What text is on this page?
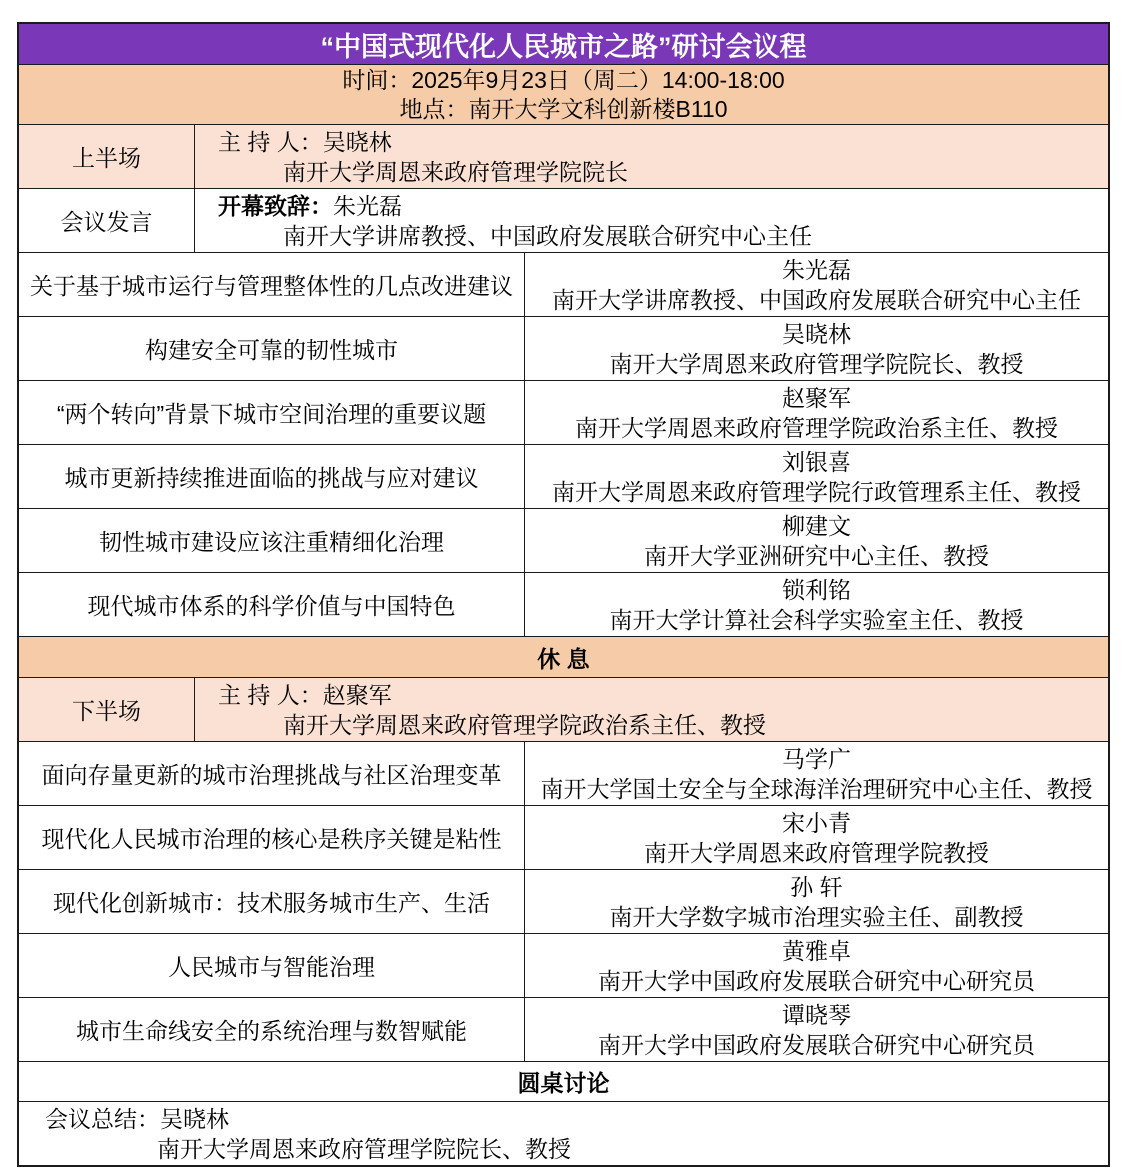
“中国式现代化人民城市之路”研讨会议程
时间：2025年9月23日（周二）14:00-18:00
地点：南开大学文科创新楼B110
上半场
主 持 人：吴晓林
南开大学周恩来政府管理学院院长
会议发言
开幕致辞：朱光磊
南开大学讲席教授、中国政府发展联合研究中心主任
关于基于城市运行与管理整体性的几点改进建议
朱光磊
南开大学讲席教授、中国政府发展联合研究中心主任
构建安全可靠的韧性城市
吴晓林
南开大学周恩来政府管理学院院长、教授
“两个转向”背景下城市空间治理的重要议题
赵聚军
南开大学周恩来政府管理学院政治系主任、教授
城市更新持续推进面临的挑战与应对建议
刘银喜
南开大学周恩来政府管理学院行政管理系主任、教授
韧性城市建设应该注重精细化治理
柳建文
南开大学亚洲研究中心主任、教授
现代城市体系的科学价值与中国特色
锁利铭
南开大学计算社会科学实验室主任、教授
休 息
下半场
主 持 人：赵聚军
南开大学周恩来政府管理学院政治系主任、教授
面向存量更新的城市治理挑战与社区治理变革
马学广
南开大学国土安全与全球海洋治理研究中心主任、教授
现代化人民城市治理的核心是秩序关键是粘性
宋小青
南开大学周恩来政府管理学院教授
现代化创新城市：技术服务城市生产、生活
孙 轩
南开大学数字城市治理实验主任、副教授
人民城市与智能治理
黄雅卓
南开大学中国政府发展联合研究中心研究员
城市生命线安全的系统治理与数智赋能
谭晓琴
南开大学中国政府发展联合研究中心研究员
圆桌讨论
会议总结：吴晓林
南开大学周恩来政府管理学院院长、教授
